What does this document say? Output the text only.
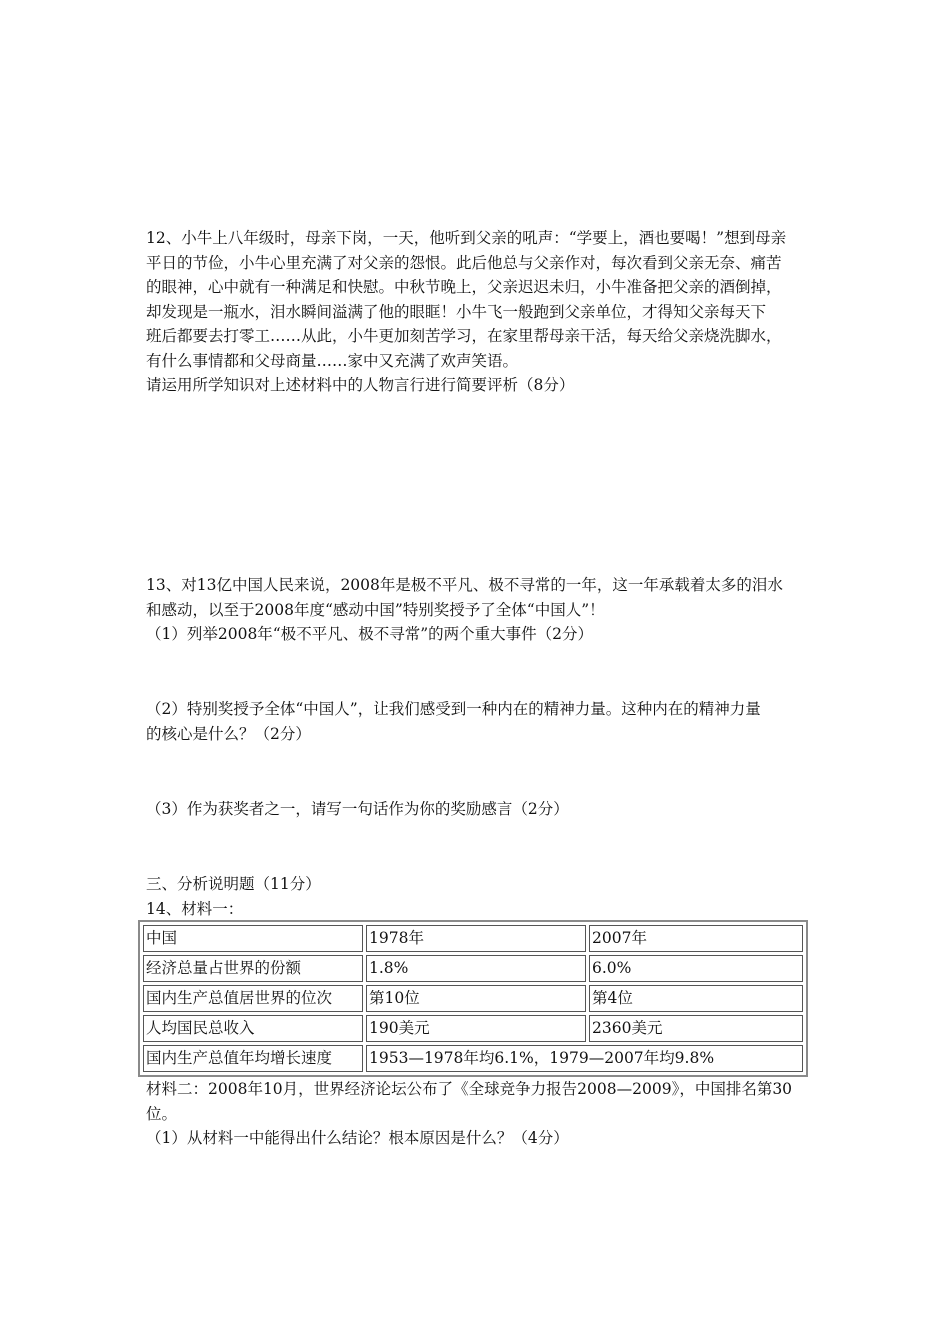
12、小牛上八年级时，母亲下岗，一天，他听到父亲的吼声：“学要上，酒也要喝！”想到母亲
平日的节俭，小牛心里充满了对父亲的怨恨。此后他总与父亲作对，每次看到父亲无奈、痛苦
的眼神，心中就有一种满足和快慰。中秋节晚上，父亲迟迟未归，小牛准备把父亲的酒倒掉，
却发现是一瓶水，泪水瞬间溢满了他的眼眶！小牛飞一般跑到父亲单位，才得知父亲每天下
班后都要去打零工……从此，小牛更加刻苦学习，在家里帮母亲干活，每天给父亲烧洗脚水，
有什么事情都和父母商量……家中又充满了欢声笑语。
请运用所学知识对上述材料中的人物言行进行简要评析（8分）
13、对13亿中国人民来说，2008年是极不平凡、极不寻常的一年，这一年承载着太多的泪水
和感动，以至于2008年度“感动中国”特别奖授予了全体“中国人”！
（1）列举2008年“极不平凡、极不寻常”的两个重大事件（2分）
（2）特别奖授予全体“中国人”，让我们感受到一种内在的精神力量。这种内在的精神力量
的核心是什么？（2分）
（3）作为获奖者之一，请写一句话作为你的奖励感言（2分）
三、分析说明题（11分）
14、材料一：
中国	1978年	2007年
经济总量占世界的份额	1.8%	6.0%
国内生产总值居世界的位次	第10位	第4位
人均国民总收入	190美元	2360美元
国内生产总值年均增长速度	1953—1978年均6.1%，1979—2007年均9.8%	
材料二：2008年10月，世界经济论坛公布了《全球竞争力报告2008—2009》，中国排名第30
位。
（1）从材料一中能得出什么结论？根本原因是什么？（4分）
